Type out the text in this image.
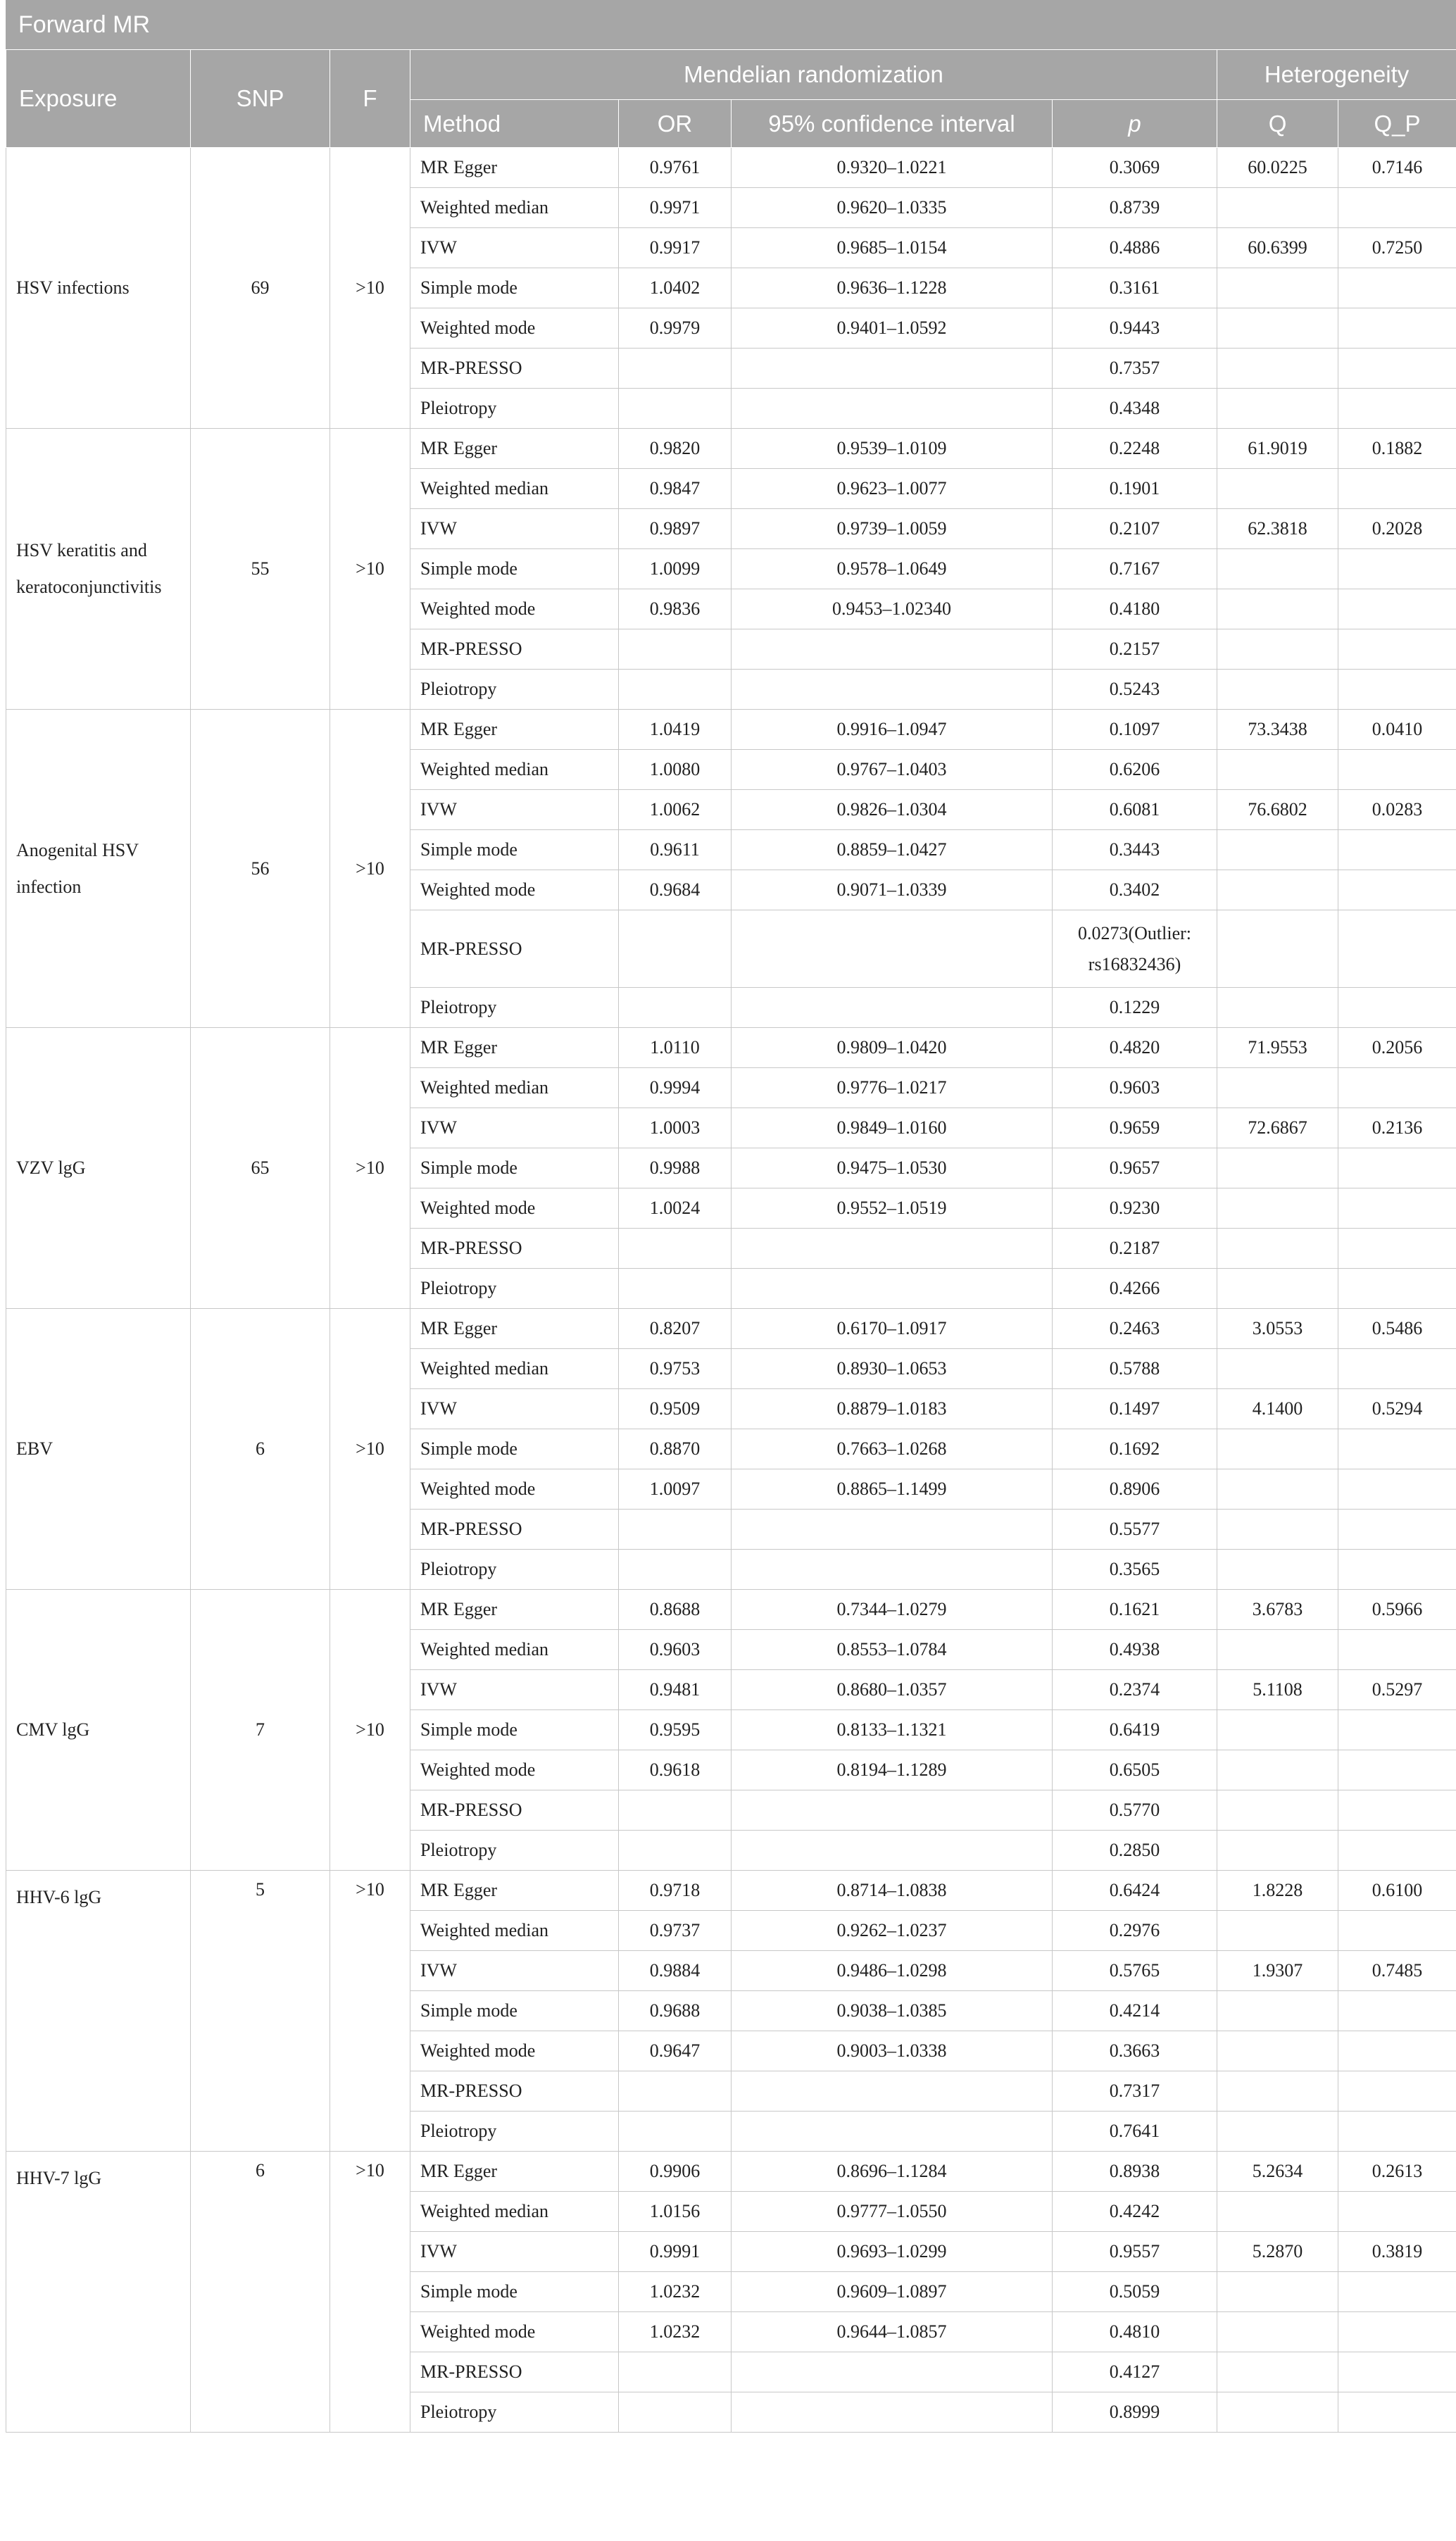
Forward MR
Exposure	SNP	F	Mendelian randomization				Heterogeneity	
			Method	OR	95% confidence interval	p	Q	Q_P
HSV infections	69	>10	MR Egger	0.9761	0.9320–1.0221	0.3069	60.0225	0.7146
			Weighted median	0.9971	0.9620–1.0335	0.8739		
			IVW	0.9917	0.9685–1.0154	0.4886	60.6399	0.7250
			Simple mode	1.0402	0.9636–1.1228	0.3161		
			Weighted mode	0.9979	0.9401–1.0592	0.9443		
			MR-PRESSO			0.7357		
			Pleiotropy			0.4348		
HSV keratitis and keratoconjunctivitis	55	>10	MR Egger	0.9820	0.9539–1.0109	0.2248	61.9019	0.1882
			Weighted median	0.9847	0.9623–1.0077	0.1901		
			IVW	0.9897	0.9739–1.0059	0.2107	62.3818	0.2028
			Simple mode	1.0099	0.9578–1.0649	0.7167		
			Weighted mode	0.9836	0.9453–1.02340	0.4180		
			MR-PRESSO			0.2157		
			Pleiotropy			0.5243		
Anogenital HSV infection	56	>10	MR Egger	1.0419	0.9916–1.0947	0.1097	73.3438	0.0410
			Weighted median	1.0080	0.9767–1.0403	0.6206		
			IVW	1.0062	0.9826–1.0304	0.6081	76.6802	0.0283
			Simple mode	0.9611	0.8859–1.0427	0.3443		
			Weighted mode	0.9684	0.9071–1.0339	0.3402		
			MR-PRESSO			0.0273(Outlier: rs16832436)		
			Pleiotropy			0.1229		
VZV lgG	65	>10	MR Egger	1.0110	0.9809–1.0420	0.4820	71.9553	0.2056
			Weighted median	0.9994	0.9776–1.0217	0.9603		
			IVW	1.0003	0.9849–1.0160	0.9659	72.6867	0.2136
			Simple mode	0.9988	0.9475–1.0530	0.9657		
			Weighted mode	1.0024	0.9552–1.0519	0.9230		
			MR-PRESSO			0.2187		
			Pleiotropy			0.4266		
EBV	6	>10	MR Egger	0.8207	0.6170–1.0917	0.2463	3.0553	0.5486
			Weighted median	0.9753	0.8930–1.0653	0.5788		
			IVW	0.9509	0.8879–1.0183	0.1497	4.1400	0.5294
			Simple mode	0.8870	0.7663–1.0268	0.1692		
			Weighted mode	1.0097	0.8865–1.1499	0.8906		
			MR-PRESSO			0.5577		
			Pleiotropy			0.3565		
CMV lgG	7	>10	MR Egger	0.8688	0.7344–1.0279	0.1621	3.6783	0.5966
			Weighted median	0.9603	0.8553–1.0784	0.4938		
			IVW	0.9481	0.8680–1.0357	0.2374	5.1108	0.5297
			Simple mode	0.9595	0.8133–1.1321	0.6419		
			Weighted mode	0.9618	0.8194–1.1289	0.6505		
			MR-PRESSO			0.5770		
			Pleiotropy			0.2850		
HHV-6 lgG	5	>10	MR Egger	0.9718	0.8714–1.0838	0.6424	1.8228	0.6100
			Weighted median	0.9737	0.9262–1.0237	0.2976		
			IVW	0.9884	0.9486–1.0298	0.5765	1.9307	0.7485
			Simple mode	0.9688	0.9038–1.0385	0.4214		
			Weighted mode	0.9647	0.9003–1.0338	0.3663		
			MR-PRESSO			0.7317		
			Pleiotropy			0.7641		
HHV-7 lgG	6	>10	MR Egger	0.9906	0.8696–1.1284	0.8938	5.2634	0.2613
			Weighted median	1.0156	0.9777–1.0550	0.4242		
			IVW	0.9991	0.9693–1.0299	0.9557	5.2870	0.3819
			Simple mode	1.0232	0.9609–1.0897	0.5059		
			Weighted mode	1.0232	0.9644–1.0857	0.4810		
			MR-PRESSO			0.4127		
			Pleiotropy			0.8999		
